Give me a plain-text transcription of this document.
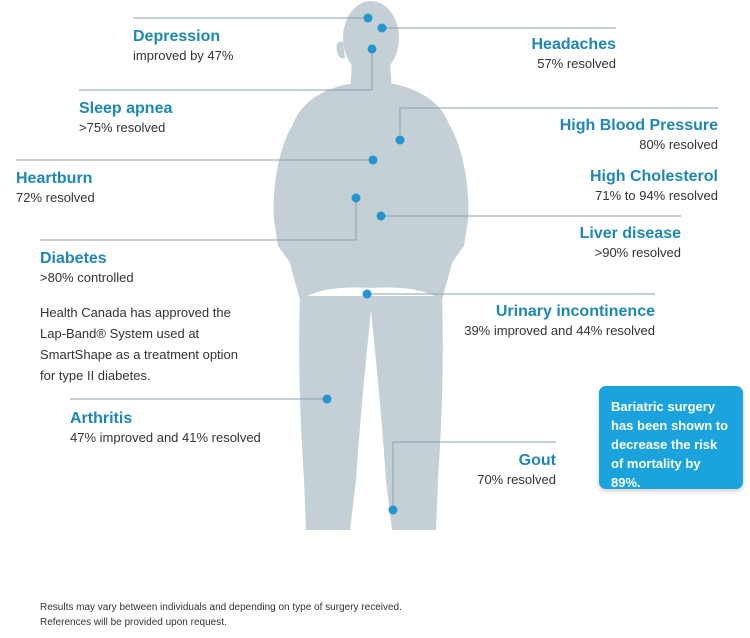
Depression
improved by 47%
Sleep apnea
>75% resolved
Heartburn
72% resolved
Diabetes
>80% controlled
Health Canada has approved the Lap-Band® System used at SmartShape as a treatment option for type II diabetes.
Arthritis
47% improved and 41% resolved
Headaches
57% resolved
High Blood Pressure
80% resolved
High Cholesterol
71% to 94% resolved
Liver disease
>90% resolved
Urinary incontinence
39% improved and 44% resolved
Gout
70% resolved
Bariatric surgery has been shown to decrease the risk of mortality by 89%.
Results may vary between individuals and depending on type of surgery received.
References will be provided upon request.
